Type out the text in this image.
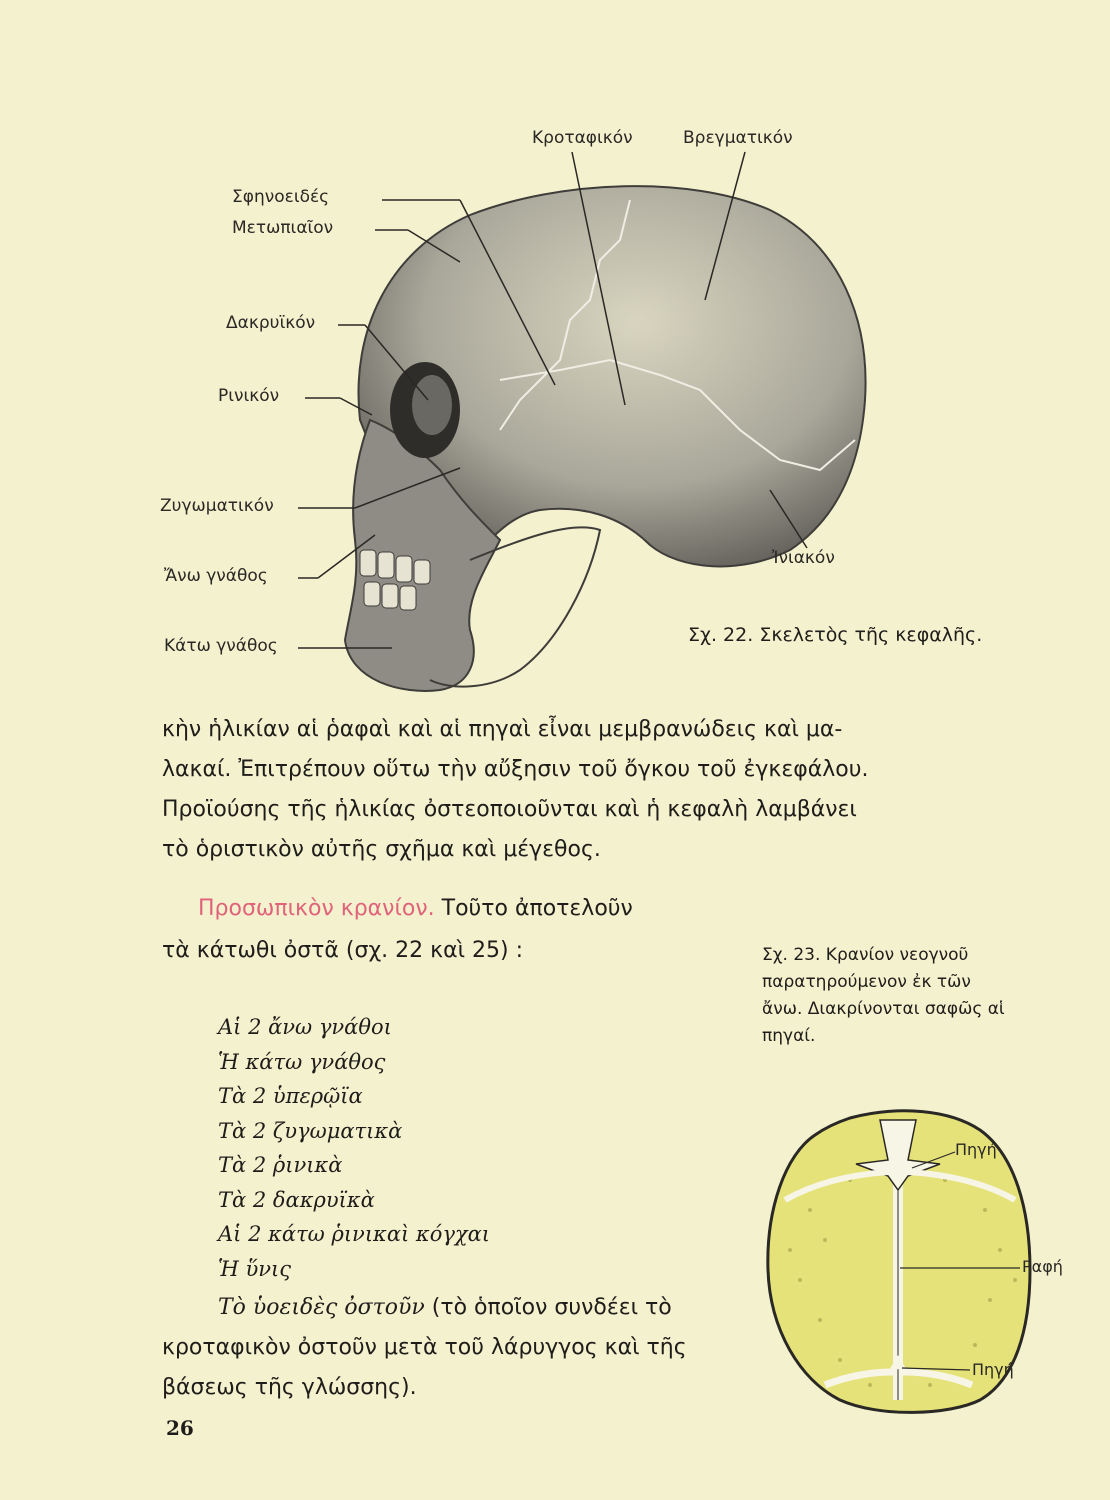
Σφηνοειδές
Μετωπιαῖον
Δακρυϊκόν
Ρινικόν
Ζυγωματικόν
Ἄνω γνάθος
Κάτω γνάθος
Κροταφικόν	Βρεγματικόν
Ἰνιακόν
Σχ. 22. Σκελετὸς τῆς κεφαλῆς.

κὴν ἡλικίαν αἱ ῥαφαὶ καὶ αἱ πηγαὶ εἶναι μεμβρανώδεις καὶ μα-

λακαί. Ἐπιτρέπουν οὕτω τὴν αὔξησιν τοῦ ὄγκου τοῦ ἐγκεφάλου.

Προϊούσης τῆς ἡλικίας ὀστεοποιοῦνται καὶ ἡ κεφαλὴ λαμβάνει

τὸ ὁριστικὸν αὐτῆς σχῆμα καὶ μέγεθος.

Προσωπικὸν κρανίον. Τοῦτο ἀποτελοῦν
τὰ κάτωθι ὀστᾶ (σχ. 22 καὶ 25) :
Αἱ 2 ἄνω γνάθοι
Ἡ κάτω γνάθος
Τὰ 2 ὑπερῷϊα
Τὰ 2 ζυγωματικὰ
Τὰ 2 ῥινικὰ
Τὰ 2 δακρυϊκὰ
Αἱ 2 κάτω ῥινικαὶ κόγχαι
Ἡ ὕνις
Τὸ ὑοειδὲς ὀστοῦν (τὸ ὁποῖον συνδέει τὸ κροταφικὸν ὀστοῦν μετὰ τοῦ λάρυγγος καὶ τῆς βάσεως τῆς γλώσσης).
Σχ. 23. Κρανίον νεογνοῦ παρατηρούμενον ἐκ τῶν ἄνω. Διακρίνονται σαφῶς αἱ πηγαί.
Πηγή
Ραφή
Πηγή
26
